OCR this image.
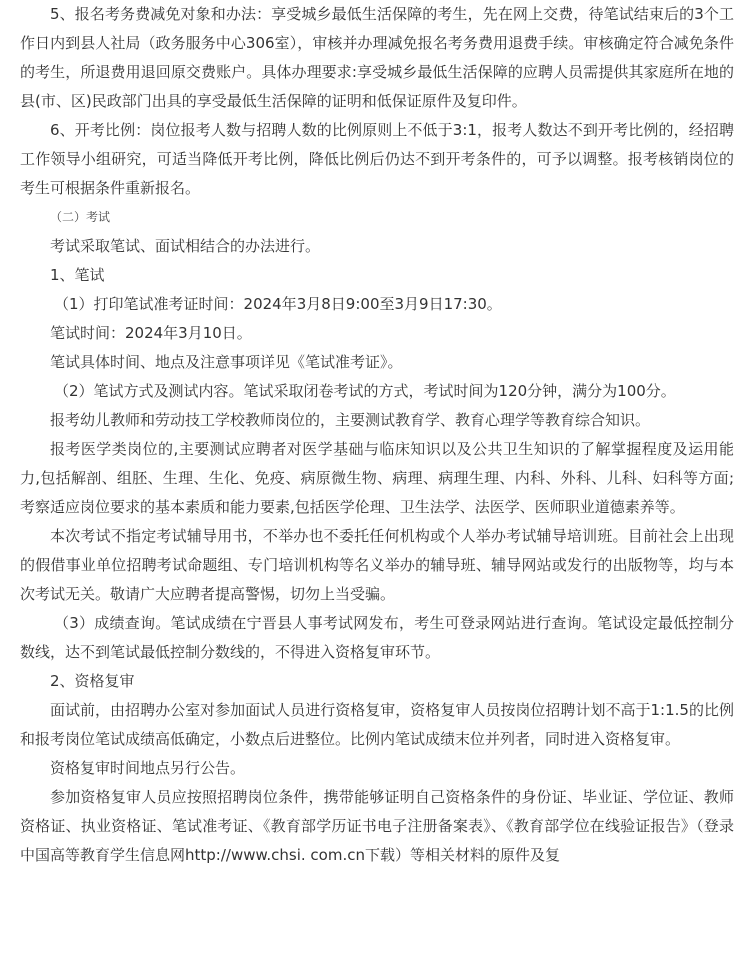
5、报名考务费减免对象和办法：享受城乡最低生活保障的考生，先在网上交费，待笔试结束后的3个工作日内到县人社局（政务服务中心306室），审核并办理减免报名考务费用退费手续。审核确定符合减免条件的考生，所退费用退回原交费账户。具体办理要求:享受城乡最低生活保障的应聘人员需提供其家庭所在地的县(市、区)民政部门出具的享受最低生活保障的证明和低保证原件及复印件。

6、开考比例：岗位报考人数与招聘人数的比例原则上不低于3:1，报考人数达不到开考比例的，经招聘工作领导小组研究，可适当降低开考比例，降低比例后仍达不到开考条件的，可予以调整。报考核销岗位的考生可根据条件重新报名。

（二）考试

考试采取笔试、面试相结合的办法进行。

1、笔试

（1）打印笔试准考证时间：2024年3月8日9:00至3月9日17:30。

笔试时间：2024年3月10日。

笔试具体时间、地点及注意事项详见《笔试准考证》。

（2）笔试方式及测试内容。笔试采取闭卷考试的方式，考试时间为120分钟，满分为100分。

报考幼儿教师和劳动技工学校教师岗位的，主要测试教育学、教育心理学等教育综合知识。

报考医学类岗位的,主要测试应聘者对医学基础与临床知识以及公共卫生知识的了解掌握程度及运用能力,包括解剖、组胚、生理、生化、免疫、病原微生物、病理、病理生理、内科、外科、儿科、妇科等方面;考察适应岗位要求的基本素质和能力要素,包括医学伦理、卫生法学、法医学、医师职业道德素养等。

本次考试不指定考试辅导用书，不举办也不委托任何机构或个人举办考试辅导培训班。目前社会上出现的假借事业单位招聘考试命题组、专门培训机构等名义举办的辅导班、辅导网站或发行的出版物等，均与本次考试无关。敬请广大应聘者提高警惕，切勿上当受骗。

（3）成绩查询。笔试成绩在宁晋县人事考试网发布，考生可登录网站进行查询。笔试设定最低控制分数线，达不到笔试最低控制分数线的，不得进入资格复审环节。

2、资格复审

面试前，由招聘办公室对参加面试人员进行资格复审，资格复审人员按岗位招聘计划不高于1:1.5的比例和报考岗位笔试成绩高低确定，小数点后进整位。比例内笔试成绩末位并列者，同时进入资格复审。

资格复审时间地点另行公告。

参加资格复审人员应按照招聘岗位条件，携带能够证明自己资格条件的身份证、毕业证、学位证、教师资格证、执业资格证、笔试准考证、《教育部学历证书电子注册备案表》、《教育部学位在线验证报告》（登录中国高等教育学生信息网http://www.chsi. com.cn下载）等相关材料的原件及复
